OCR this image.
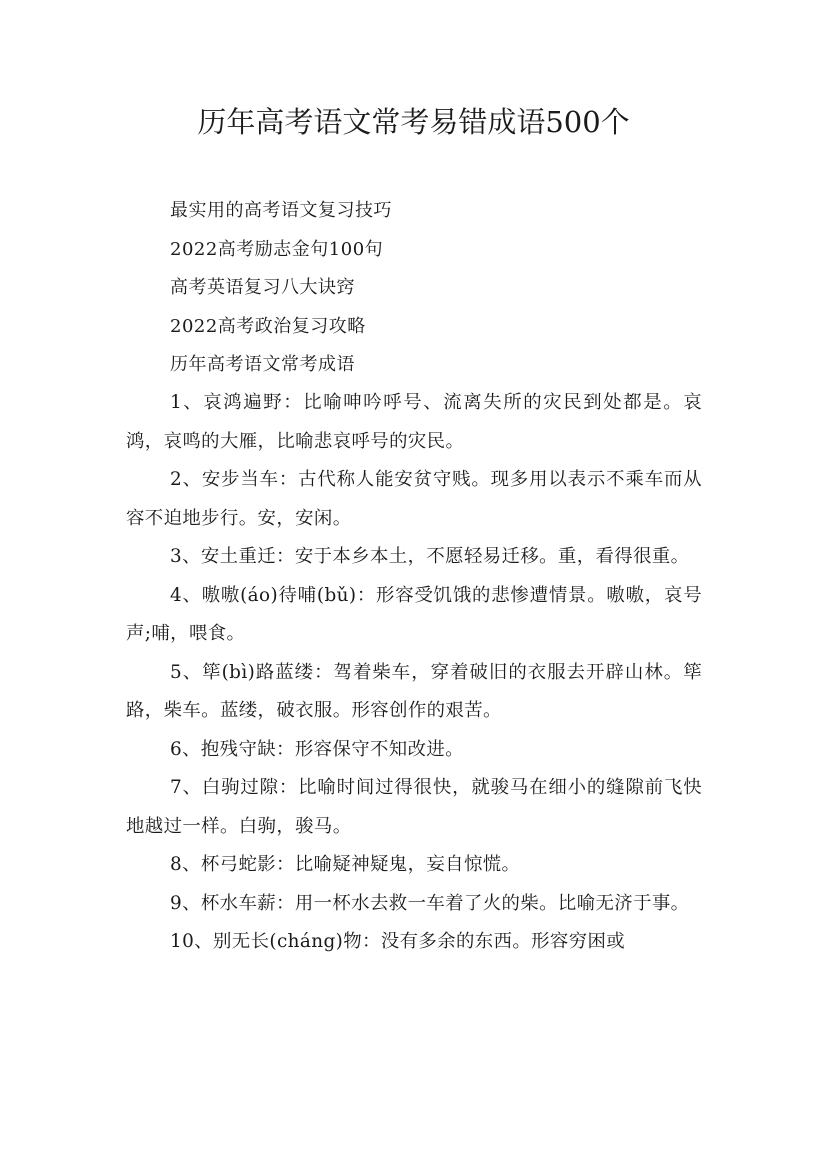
历年高考语文常考易错成语500个
最实用的高考语文复习技巧
2022高考励志金句100句
高考英语复习八大诀窍
2022高考政治复习攻略
历年高考语文常考成语

1、哀鸿遍野：比喻呻吟呼号、流离失所的灾民到处都是。哀鸿，哀鸣的大雁，比喻悲哀呼号的灾民。

2、安步当车：古代称人能安贫守贱。现多用以表示不乘车而从容不迫地步行。安，安闲。

3、安土重迁：安于本乡本土，不愿轻易迁移。重，看得很重。

4、嗷嗷(áo)待哺(bǔ)：形容受饥饿的悲惨遭情景。嗷嗷，哀号声;哺，喂食。

5、筚(bì)路蓝缕：驾着柴车，穿着破旧的衣服去开辟山林。筚路，柴车。蓝缕，破衣服。形容创作的艰苦。

6、抱残守缺：形容保守不知改进。

7、白驹过隙：比喻时间过得很快，就骏马在细小的缝隙前飞快地越过一样。白驹，骏马。

8、杯弓蛇影：比喻疑神疑鬼，妄自惊慌。

9、杯水车薪：用一杯水去救一车着了火的柴。比喻无济于事。

10、别无长(cháng)物：没有多余的东西。形容穷困或
